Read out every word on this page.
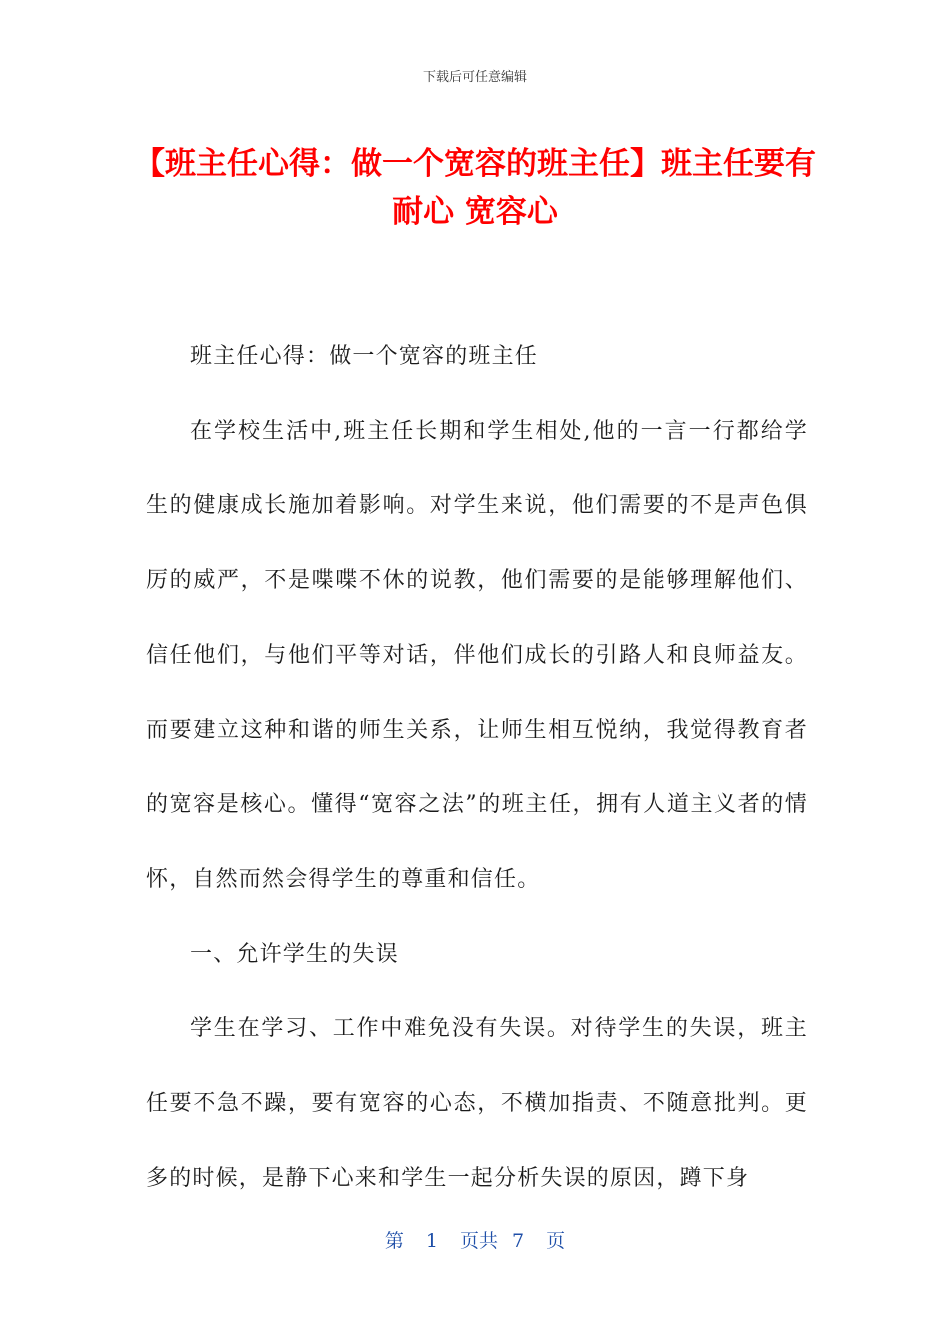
下载后可任意编辑
【班主任心得：做一个宽容的班主任】班主任要有耐心 宽容心

班主任心得：做一个宽容的班主任

在学校生活中,班主任长期和学生相处,他的一言一行都给学生的健康成长施加着影响。对学生来说，他们需要的不是声色俱厉的威严，不是喋喋不休的说教，他们需要的是能够理解他们、信任他们，与他们平等对话，伴他们成长的引路人和良师益友。而要建立这种和谐的师生关系，让师生相互悦纳，我觉得教育者的宽容是核心。懂得“宽容之法”的班主任，拥有人道主义者的情怀，自然而然会得学生的尊重和信任。

一、允许学生的失误

学生在学习、工作中难免没有失误。对待学生的失误，班主任要不急不躁，要有宽容的心态，不横加指责、不随意批判。更多的时候，是静下心来和学生一起分析失误的原因，蹲下身

第 1 页共 7 页
